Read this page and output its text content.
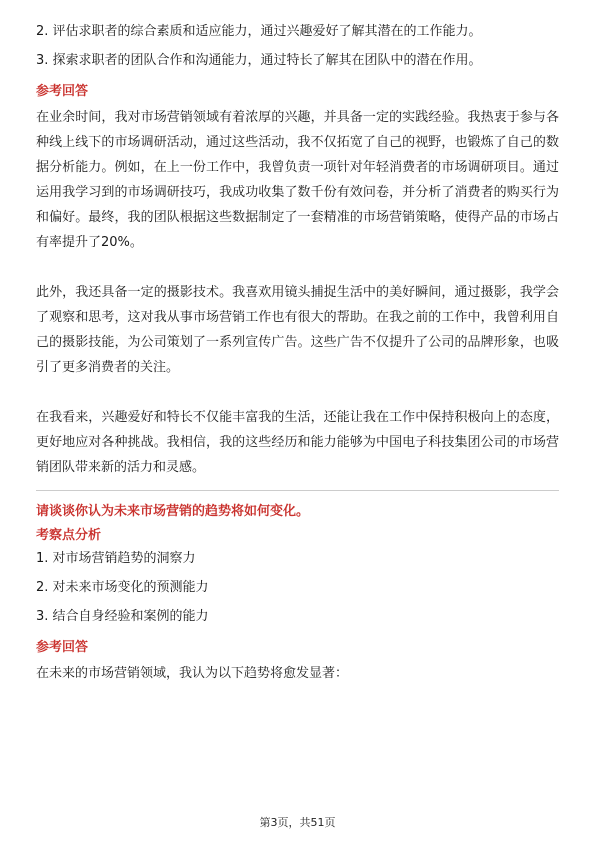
2. 评估求职者的综合素质和适应能力，通过兴趣爱好了解其潜在的工作能力。

3. 探索求职者的团队合作和沟通能力，通过特长了解其在团队中的潜在作用。

参考回答

在业余时间，我对市场营销领域有着浓厚的兴趣，并具备一定的实践经验。我热衷于参与各种线上线下的市场调研活动，通过这些活动，我不仅拓宽了自己的视野，也锻炼了自己的数据分析能力。例如，在上一份工作中，我曾负责一项针对年轻消费者的市场调研项目。通过运用我学习到的市场调研技巧，我成功收集了数千份有效问卷，并分析了消费者的购买行为和偏好。最终，我的团队根据这些数据制定了一套精准的市场营销策略，使得产品的市场占有率提升了20%。

此外，我还具备一定的摄影技术。我喜欢用镜头捕捉生活中的美好瞬间，通过摄影，我学会了观察和思考，这对我从事市场营销工作也有很大的帮助。在我之前的工作中，我曾利用自己的摄影技能，为公司策划了一系列宣传广告。这些广告不仅提升了公司的品牌形象，也吸引了更多消费者的关注。

在我看来，兴趣爱好和特长不仅能丰富我的生活，还能让我在工作中保持积极向上的态度，更好地应对各种挑战。我相信，我的这些经历和能力能够为中国电子科技集团公司的市场营销团队带来新的活力和灵感。

请谈谈你认为未来市场营销的趋势将如何变化。
考察点分析

1. 对市场营销趋势的洞察力

2. 对未来市场变化的预测能力

3. 结合自身经验和案例的能力

参考回答

在未来的市场营销领域，我认为以下趋势将愈发显著：

第3页，共51页
